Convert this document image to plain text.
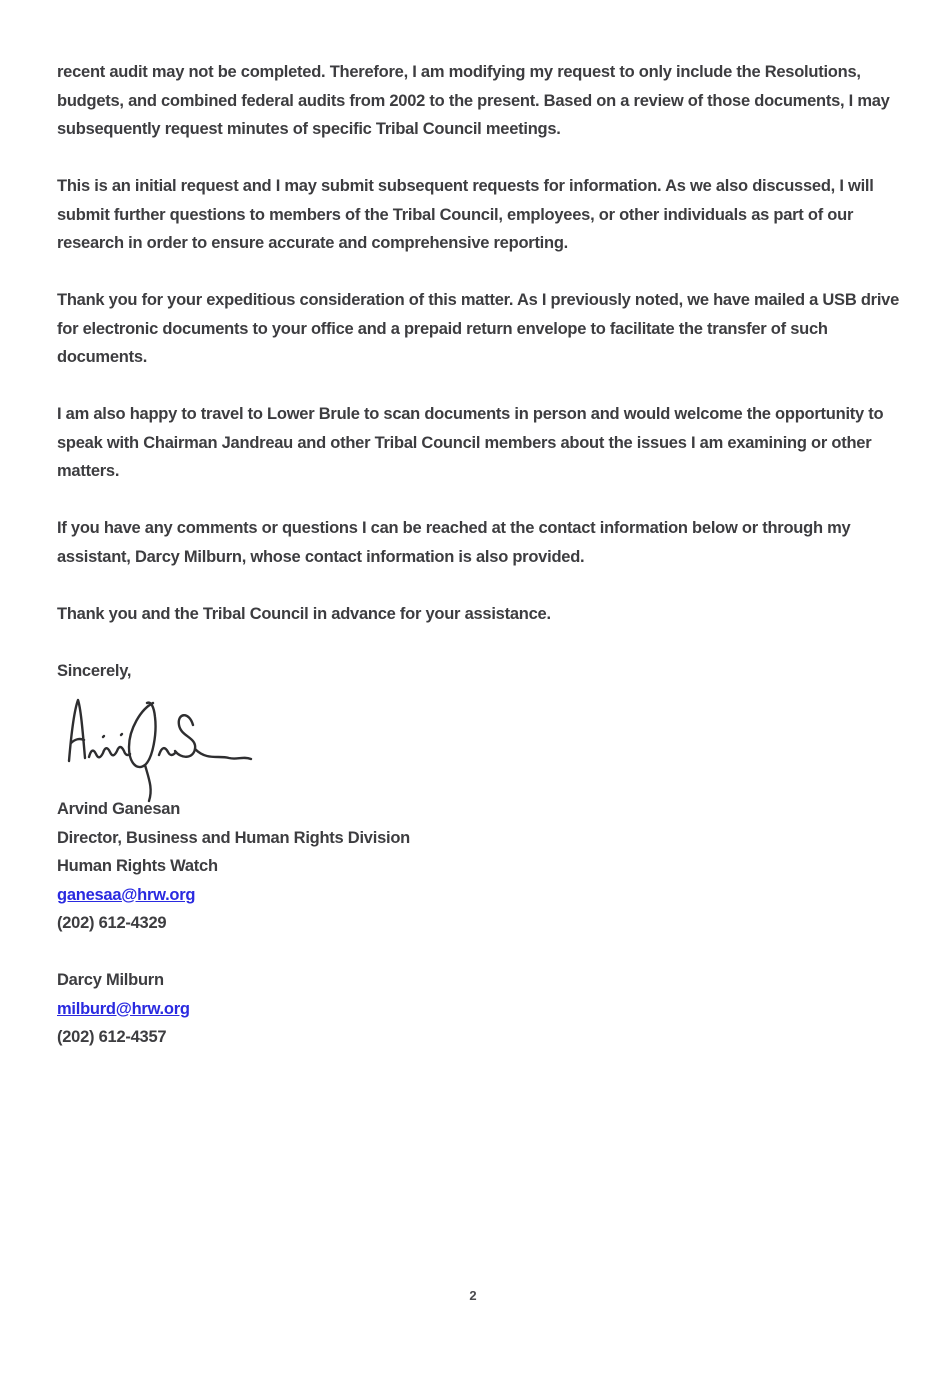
recent audit may not be completed. Therefore, I am modifying my request to only include the Resolutions, budgets, and combined federal audits from 2002 to the present. Based on a review of those documents, I may subsequently request minutes of specific Tribal Council meetings.

This is an initial request and I may submit subsequent requests for information. As we also discussed, I will submit further questions to members of the Tribal Council, employees, or other individuals as part of our research in order to ensure accurate and comprehensive reporting.

Thank you for your expeditious consideration of this matter. As I previously noted, we have mailed a USB drive for electronic documents to your office and a prepaid return envelope to facilitate the transfer of such documents.

I am also happy to travel to Lower Brule to scan documents in person and would welcome the opportunity to speak with Chairman Jandreau and other Tribal Council members about the issues I am examining or other matters.

If you have any comments or questions I can be reached at the contact information below or through my assistant, Darcy Milburn, whose contact information is also provided.

Thank you and the Tribal Council in advance for your assistance.

Sincerely,

Arvind Ganesan
Director, Business and Human Rights Division
Human Rights Watch
ganesaa@hrw.org
(202) 612-4329
Darcy Milburn
milburd@hrw.org
(202) 612-4357
2
